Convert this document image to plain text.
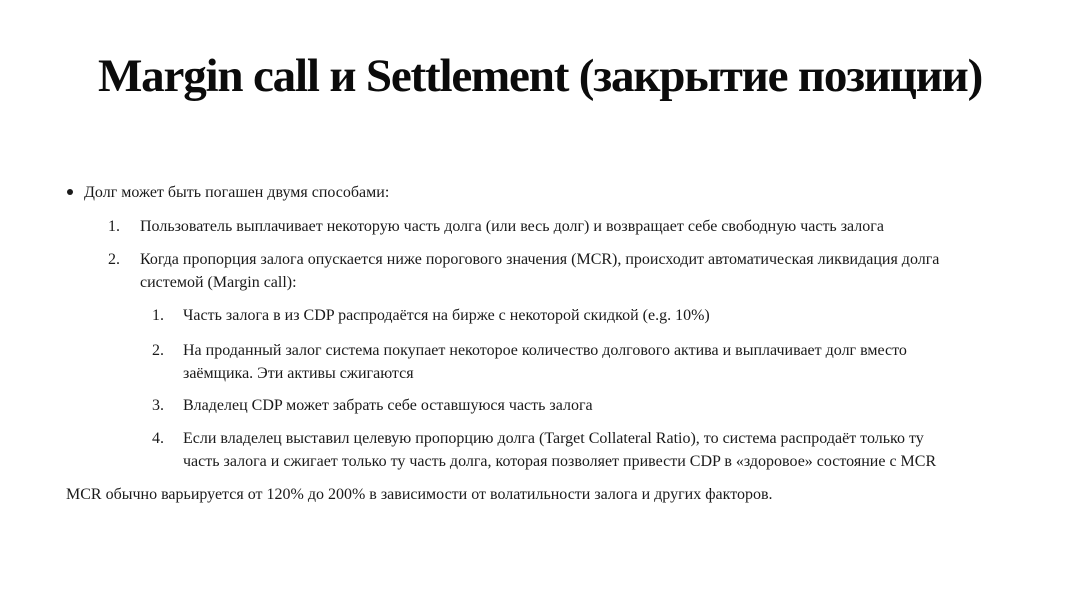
Margin call и Settlement (закрытие позиции)
Долг может быть погашен двумя способами:
1. Пользователь выплачивает некоторую часть долга (или весь долг) и возвращает себе свободную часть залога
2. Когда пропорция залога опускается ниже порогового значения (MCR), происходит автоматическая ликвидация долга
системой (Margin call):
1. Часть залога в из CDP распродаётся на бирже с некоторой скидкой (e.g. 10%)
2. На проданный залог система покупает некоторое количество долгового актива и выплачивает долг вместо
заёмщика. Эти активы сжигаются
3. Владелец CDP может забрать себе оставшуюся часть залога
4. Если владелец выставил целевую пропорцию долга (Target Collateral Ratio), то система распродаёт только ту
часть залога и сжигает только ту часть долга, которая позволяет привести CDP в «здоровое» состояние с MCR
MCR обычно варьируется от 120% до 200% в зависимости от волатильности залога и других факторов.
